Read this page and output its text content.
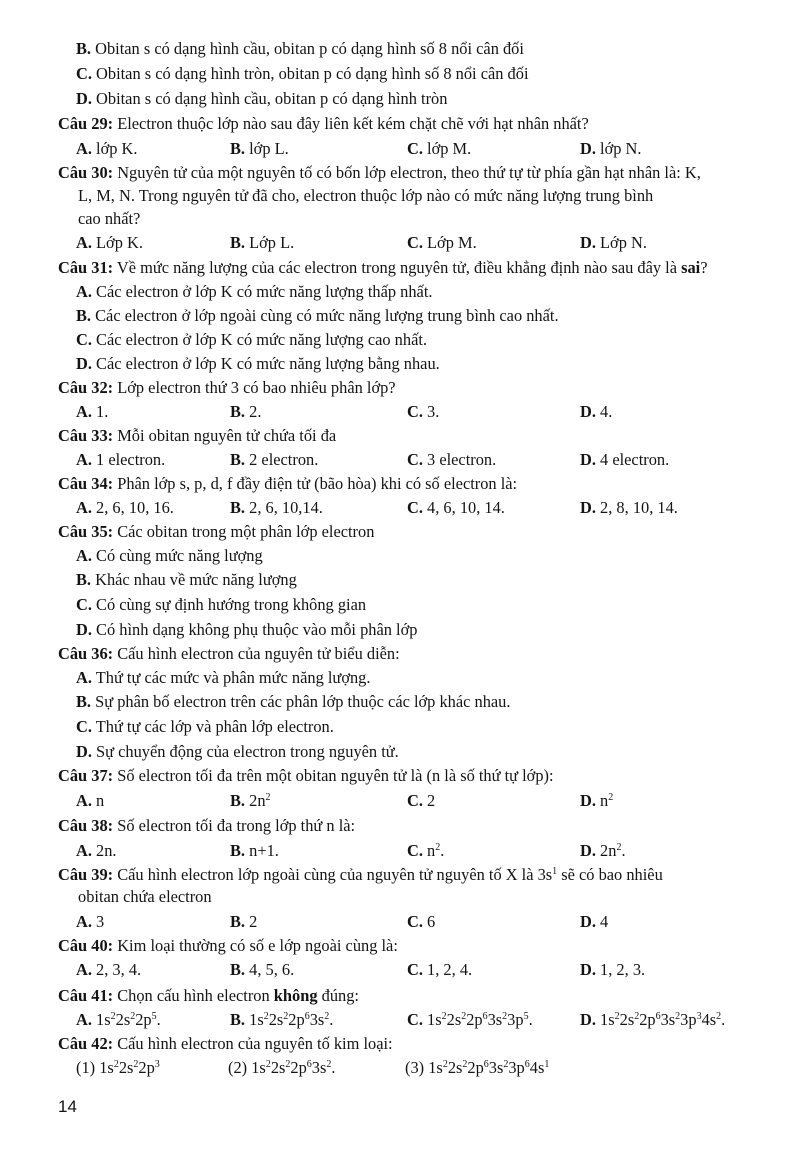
B. Obitan s có dạng hình cầu, obitan p có dạng hình số 8 nổi cân đối
C. Obitan s có dạng hình tròn, obitan p có dạng hình số 8 nổi cân đối
D. Obitan s có dạng hình cầu, obitan p có dạng hình tròn
Câu 29: Electron thuộc lớp nào sau đây liên kết kém chặt chẽ với hạt nhân nhất?
A. lớp K.	B. lớp L.	C. lớp M.	D. lớp N.
Câu 30: Nguyên tử của một nguyên tố có bốn lớp electron, theo thứ tự từ phía gần hạt nhân là: K,
L, M, N. Trong nguyên tử đã cho, electron thuộc lớp nào có mức năng lượng trung bình
cao nhất?
A. Lớp K.	B. Lớp L.	C. Lớp M.	D. Lớp N.
Câu 31: Về mức năng lượng của các electron trong nguyên tử, điều khẳng định nào sau đây là sai?
A. Các electron ở lớp K có mức năng lượng thấp nhất.
B. Các electron ở lớp ngoài cùng có mức năng lượng trung bình cao nhất.
C. Các electron ở lớp K có mức năng lượng cao nhất.
D. Các electron ở lớp K có mức năng lượng bằng nhau.
Câu 32: Lớp electron thứ 3 có bao nhiêu phân lớp?
A. 1.	B. 2.	C. 3.	D. 4.
Câu 33: Mỗi obitan nguyên tử chứa tối đa
A. 1 electron.	B. 2 electron.	C. 3 electron.	D. 4 electron.
Câu 34: Phân lớp s, p, d, f đầy điện tử (bão hòa) khi có số electron là:
A. 2, 6, 10, 16.	B. 2, 6, 10,14.	C. 4, 6, 10, 14.	D. 2, 8, 10, 14.
Câu 35: Các obitan trong một phân lớp electron
A. Có cùng mức năng lượng
B. Khác nhau về mức năng lượng
C. Có cùng sự định hướng trong không gian
D. Có hình dạng không phụ thuộc vào mỗi phân lớp
Câu 36: Cấu hình electron của nguyên tử biểu diễn:
A. Thứ tự các mức và phân mức năng lượng.
B. Sự phân bố electron trên các phân lớp thuộc các lớp khác nhau.
C. Thứ tự các lớp và phân lớp electron.
D. Sự chuyển động của electron trong nguyên tử.
Câu 37: Số electron tối đa trên một obitan nguyên tử là (n là số thứ tự lớp):
A. n	B. $2n^2$	C. 2	D. $n^2$
Câu 38: Số electron tối đa trong lớp thứ n là:
A. 2n.	B. n+1.	C. $n^2$.	D. $2n^2$.
Câu 39: Cấu hình electron lớp ngoài cùng của nguyên tử nguyên tố X là $3s^1$ sẽ có bao nhiêu
obitan chứa electron
A. 3	B. 2	C. 6	D. 4
Câu 40: Kim loại thường có số e lớp ngoài cùng là:
A. 2, 3, 4.	B. 4, 5, 6.	C. 1, 2, 4.	D. 1, 2, 3.
Câu 41: Chọn cấu hình electron không đúng:
A. $1s^22s^22p^5$.	B. $1s^22s^22p^63s^2$.	C. $1s^22s^22p^63s^23p^5$.	D. $1s^22s^22p^63s^23p^34s^2$.
Câu 42: Cấu hình electron của nguyên tố kim loại:
(1) $1s^22s^22p^3$	(2) $1s^22s^22p^63s^2$.	(3) $1s^22s^22p^63s^23p^64s^1$
14
